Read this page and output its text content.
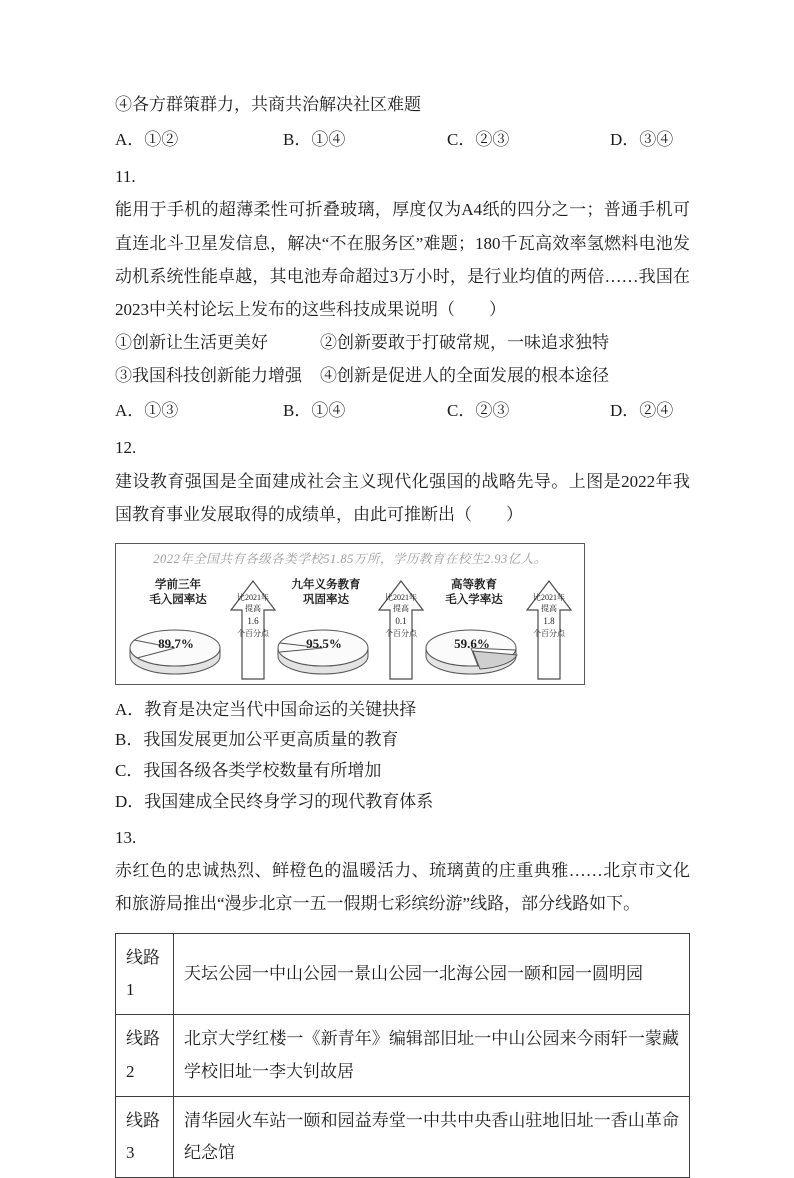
④各方群策群力，共商共治解决社区难题
A．①②	B．①④	C．②③	D．③④
11.
能用于手机的超薄柔性可折叠玻璃，厚度仅为A4纸的四分之一；普通手机可直连北斗卫星发信息，解决“不在服务区”难题；180千瓦高效率氢燃料电池发动机系统性能卓越，其电池寿命超过3万小时，是行业均值的两倍……我国在2023中关村论坛上发布的这些科技成果说明（　　）
①创新让生活更美好	②创新要敢于打破常规，一味追求独特
③我国科技创新能力增强	④创新是促进人的全面发展的根本途径
A．①③	B．①④	C．②③	D．②④
12.
建设教育强国是全面建成社会主义现代化强国的战略先导。上图是2022年我国教育事业发展取得的成绩单，由此可推断出（　　）
2022年全国共有各级各类学校51.85万所，学历教育在校生2.93亿人。
学前三年
毛入园率达
89.7%
比2021年
提高
1.6
个百分点
九年义务教育
巩固率达
95.5%
比2021年
提高
0.1
个百分点
高等教育
毛入学率达
59.6%
比2021年
提高
1.8
个百分点
A．教育是决定当代中国命运的关键抉择
B．我国发展更加公平更高质量的教育
C．我国各级各类学校数量有所增加
D．我国建成全民终身学习的现代教育体系
13.
赤红色的忠诚热烈、鲜橙色的温暖活力、琉璃黄的庄重典雅……北京市文化和旅游局推出“漫步北京一五一假期七彩缤纷游”线路，部分线路如下。
线路1	天坛公园一中山公园一景山公园一北海公园一颐和园一圆明园
线路2	北京大学红楼一《新青年》编辑部旧址一中山公园来今雨轩一蒙藏学校旧址一李大钊故居
线路3	清华园火车站一颐和园益寿堂一中共中央香山驻地旧址一香山革命纪念馆
